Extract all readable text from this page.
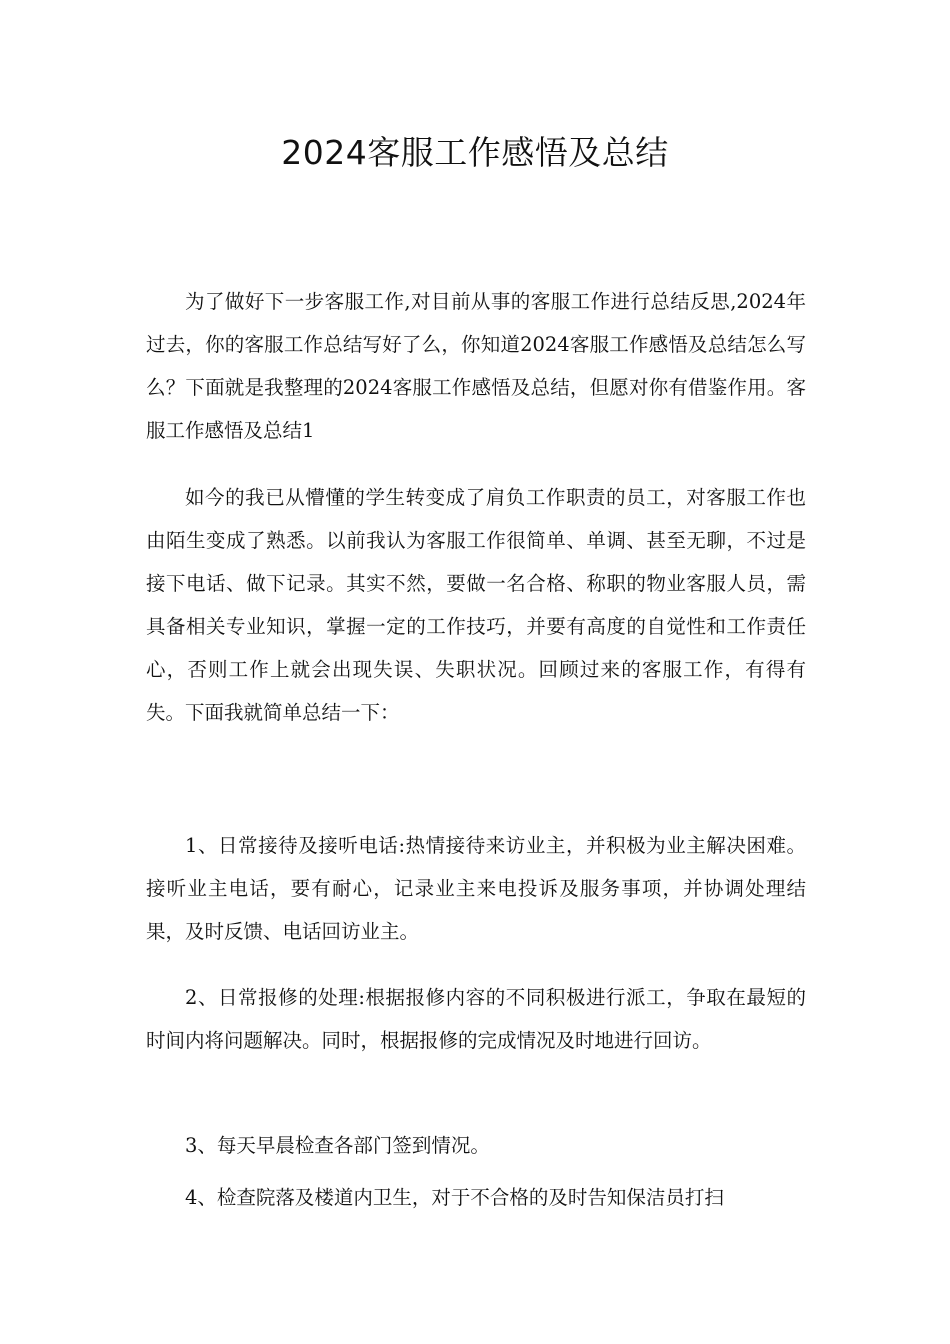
2024客服工作感悟及总结

为了做好下一步客服工作,对目前从事的客服工作进行总结反思,2024年过去，你的客服工作总结写好了么，你知道2024客服工作感悟及总结怎么写么？下面就是我整理的2024客服工作感悟及总结，但愿对你有借鉴作用。客服工作感悟及总结1

如今的我已从懵懂的学生转变成了肩负工作职责的员工，对客服工作也由陌生变成了熟悉。以前我认为客服工作很简单、单调、甚至无聊，不过是接下电话、做下记录。其实不然，要做一名合格、称职的物业客服人员，需具备相关专业知识，掌握一定的工作技巧，并要有高度的自觉性和工作责任心，否则工作上就会出现失误、失职状况。回顾过来的客服工作，有得有失。下面我就简单总结一下：

1、日常接待及接听电话:热情接待来访业主，并积极为业主解决困难。接听业主电话，要有耐心，记录业主来电投诉及服务事项，并协调处理结果，及时反馈、电话回访业主。

2、日常报修的处理:根据报修内容的不同积极进行派工，争取在最短的时间内将问题解决。同时，根据报修的完成情况及时地进行回访。

3、每天早晨检查各部门签到情况。

4、检查院落及楼道内卫生，对于不合格的及时告知保洁员打扫
